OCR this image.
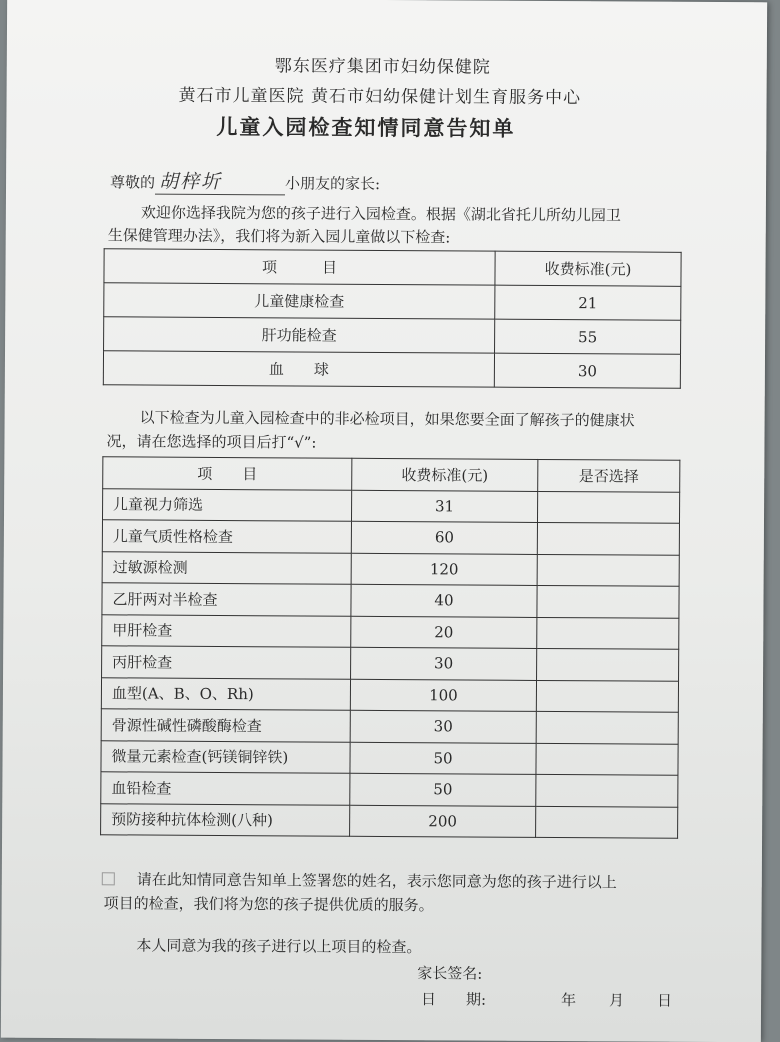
鄂东医疗集团市妇幼保健院
黄石市儿童医院 黄石市妇幼保健计划生育服务中心
儿童入园检查知情同意告知单
尊敬的 胡梓圻	小朋友的家长:
欢迎你选择我院为您的孩子进行入园检查。根据《湖北省托儿所幼儿园卫
生保健管理办法》，我们将为新入园儿童做以下检查:
项　　　目	收费标准(元)
儿童健康检查	21
肝功能检查	55
血　　球	30
以下检查为儿童入园检查中的非必检项目，如果您要全面了解孩子的健康状
况，请在您选择的项目后打“√”:
项　　目	收费标准(元)	是否选择
儿童视力筛选	31	
儿童气质性格检查	60	
过敏源检测	120	
乙肝两对半检查	40	
甲肝检查	20	
丙肝检查	30	
血型(A、B、O、Rh)	100	
骨源性碱性磷酸酶检查	30	
微量元素检查(钙镁铜锌铁)	50	
血铅检查	50	
预防接种抗体检测(八种)	200	
请在此知情同意告知单上签署您的姓名，表示您同意为您的孩子进行以上
项目的检查，我们将为您的孩子提供优质的服务。
本人同意为我的孩子进行以上项目的检查。
家长签名:
日　　期:	年 月 日
